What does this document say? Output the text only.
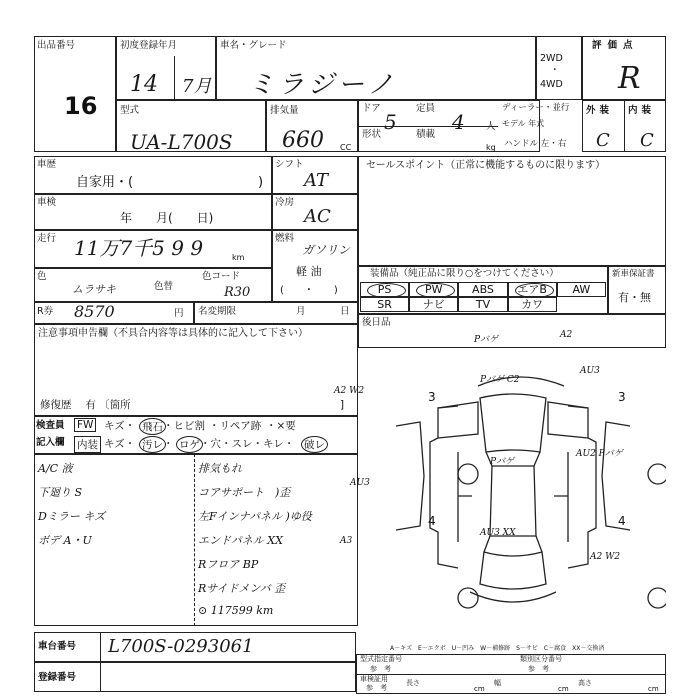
出品番号
16
初度登録年月
14 7月
車名・グレード
ミラジーノ
2WD
・
4WD
評価点
R
型式
UA-L700S
排気量
660 CC
ドア
5
定員
4 人
形状	積載
kg
ディーラー・並行
モデル 年式
ハンドル 左・右
外装 内装
C C
車歴
自家用・(	)
車検
年　　月(　　日)
走行 11万7千5 9 9	km
色
ムラサキ	色替
色コード
R30
シフト
AT
冷房
AC
燃料
ガソリン
軽 油
(　　・　　)
セールスポイント（正常に機能するものに限ります）
装備品（純正品に限り○をつけてください）
PS	PW	ABS	エアB	AW
SR	ナビ	TV	カワ
新車保証書
有・無
R券 8570	円 名変期限	月	日
後日品
注意事項申告欄（不具合内容等は具体的に記入して下さい）
修復歴　 有 〔箇所	]
検査員
記入欄
FW キズ・ 飛石 ・ヒビ割 ・リペア跡 ・×要
内装 キズ・ 汚レ ・ ロゲ ・穴・スレ・キレ・ 破レ
A/C 液
下廻り S
Dミラー キズ
ボデ A・U
排気もれ
コアサポート　)歪
左Fインナパネル )ゆ役
エンドパネル XX
Rフロア BP
Rサイドメンバ 歪
⊙ 117599 km
3	3
4	4
Pバゲ	A2
Pバゲ C2
A2 W2
AU3
Pバゲ
AU2 Pバゲ
AU3
AU3 XX
A3
A2 W2
A－キズ　E－エクボ　U－凹み　W－補修跡　S－サビ　C－腐食　XX－交換済
車台番号 L700S-0293061
登録番号
型式指定番号
参　考
類別区分番号
参　考
車検証用
参　考
長さ
cm
幅
cm
高さ
cm
